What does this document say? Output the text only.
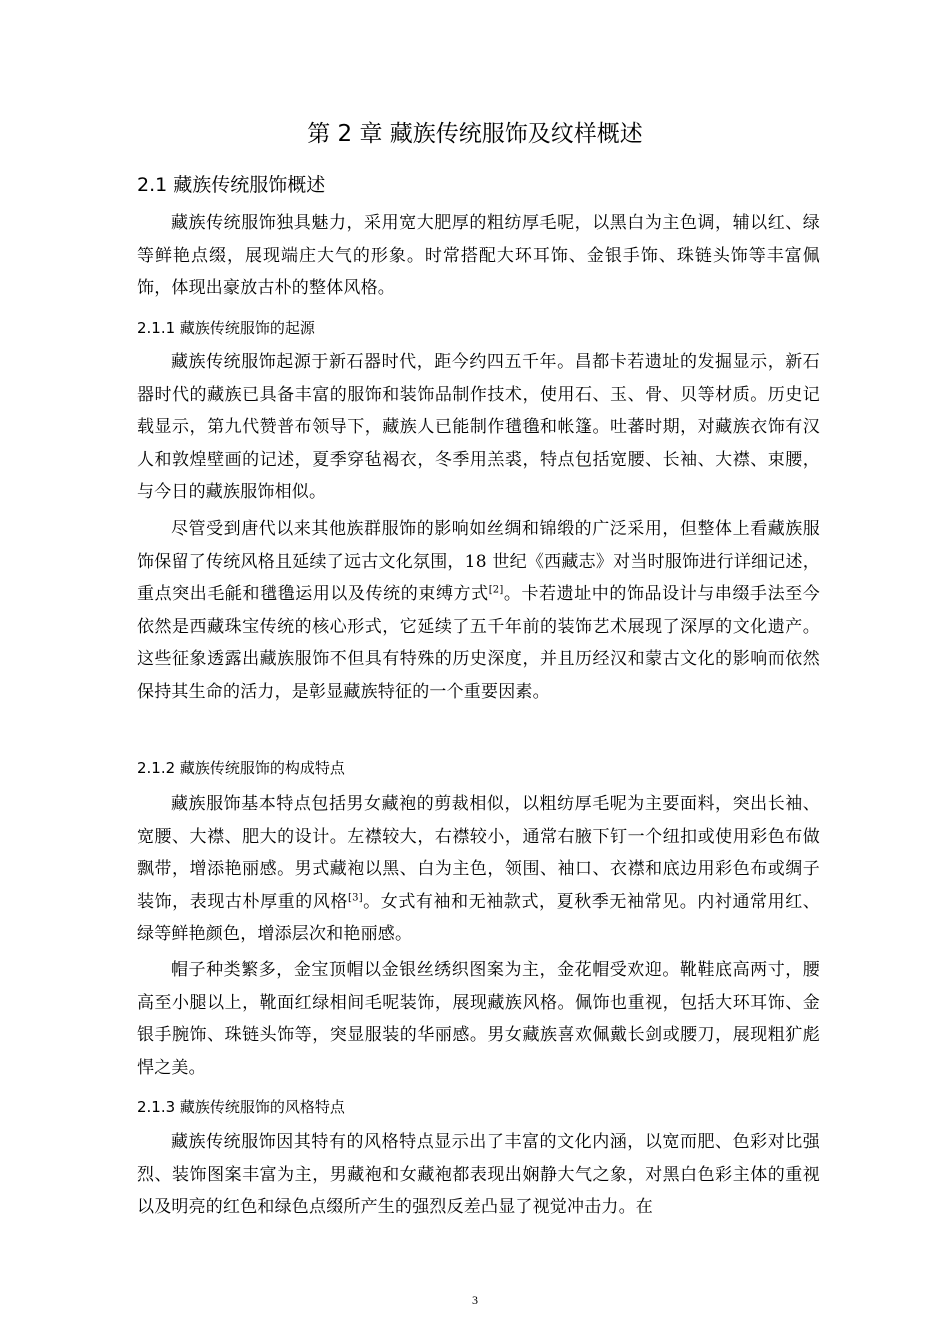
第 2 章 藏族传统服饰及纹样概述
2.1 藏族传统服饰概述

藏族传统服饰独具魅力，采用宽大肥厚的粗纺厚毛呢，以黑白为主色调，辅以红、绿等鲜艳点缀，展现端庄大气的形象。时常搭配大环耳饰、金银手饰、珠链头饰等丰富佩饰，体现出豪放古朴的整体风格。

2.1.1 藏族传统服饰的起源

藏族传统服饰起源于新石器时代，距今约四五千年。昌都卡若遗址的发掘显示，新石器时代的藏族已具备丰富的服饰和装饰品制作技术，使用石、玉、骨、贝等材质。历史记载显示，第九代赞普布领导下，藏族人已能制作氆氇和帐篷。吐蕃时期，对藏族衣饰有汉人和敦煌壁画的记述，夏季穿毡褐衣，冬季用羔裘，特点包括宽腰、长袖、大襟、束腰，与今日的藏族服饰相似。

尽管受到唐代以来其他族群服饰的影响如丝绸和锦缎的广泛采用，但整体上看藏族服饰保留了传统风格且延续了远古文化氛围，18 世纪《西藏志》对当时服饰进行详细记述，重点突出毛毹和氆氇运用以及传统的束缚方式[2]。卡若遗址中的饰品设计与串缀手法至今依然是西藏珠宝传统的核心形式，它延续了五千年前的装饰艺术展现了深厚的文化遗产。这些征象透露出藏族服饰不但具有特殊的历史深度，并且历经汉和蒙古文化的影响而依然保持其生命的活力，是彰显藏族特征的一个重要因素。

2.1.2 藏族传统服饰的构成特点

藏族服饰基本特点包括男女藏袍的剪裁相似，以粗纺厚毛呢为主要面料，突出长袖、宽腰、大襟、肥大的设计。左襟较大，右襟较小，通常右腋下钉一个纽扣或使用彩色布做飘带，增添艳丽感。男式藏袍以黑、白为主色，领围、袖口、衣襟和底边用彩色布或绸子装饰，表现古朴厚重的风格[3]。女式有袖和无袖款式，夏秋季无袖常见。内衬通常用红、绿等鲜艳颜色，增添层次和艳丽感。

帽子种类繁多，金宝顶帽以金银丝绣织图案为主，金花帽受欢迎。靴鞋底高两寸，腰高至小腿以上，靴面红绿相间毛呢装饰，展现藏族风格。佩饰也重视，包括大环耳饰、金银手腕饰、珠链头饰等，突显服装的华丽感。男女藏族喜欢佩戴长剑或腰刀，展现粗犷彪悍之美。

2.1.3 藏族传统服饰的风格特点

藏族传统服饰因其特有的风格特点显示出了丰富的文化内涵，以宽而肥、色彩对比强烈、装饰图案丰富为主，男藏袍和女藏袍都表现出娴静大气之象，对黑白色彩主体的重视以及明亮的红色和绿色点缀所产生的强烈反差凸显了视觉冲击力。在

3
